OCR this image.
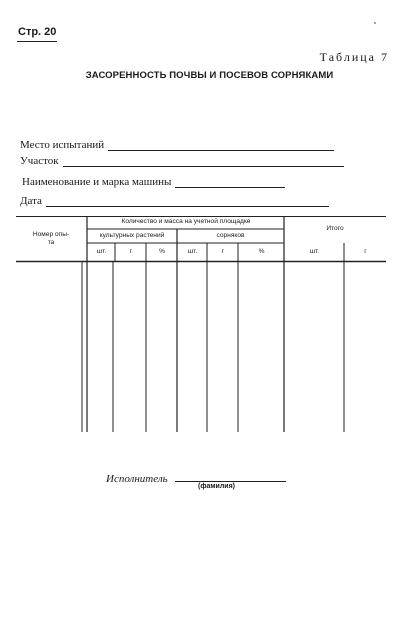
Стр. 20
Таблица 7
ЗАСОРЕННОСТЬ ПОЧВЫ И ПОСЕВОВ СОРНЯКАМИ
Место испытаний
Участок
Наименование и марка машины
Дата
Номер опы-
та
Количество и масса на учетной площадке
культурных растений	сорняков
Итого
шт.	г	%	шт.	г	%	шт.	г
Исполнитель
(фамилия)
